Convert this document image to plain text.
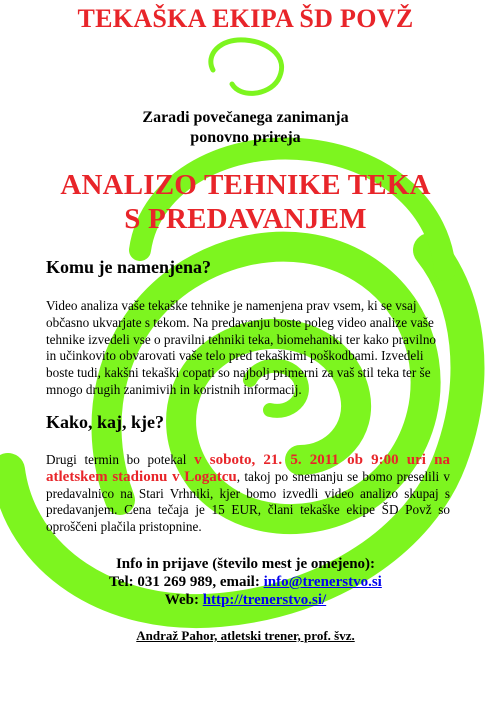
TEKAŠKA EKIPA ŠD POVŽ
Zaradi povečanega zanimanja
ponovno prireja
ANALIZO TEHNIKE TEKA
S PREDAVANJEM
Komu je namenjena?
Video analiza vaše tekaške tehnike je namenjena prav vsem, ki se vsaj
občasno ukvarjate s tekom. Na predavanju boste poleg video analize vaše
tehnike izvedeli vse o pravilni tehniki teka, biomehaniki ter kako pravilno
in učinkovito obvarovati vaše telo pred tekaškimi poškodbami. Izvedeli
boste tudi, kakšni tekaški copati so najbolj primerni za vaš stil teka ter še
mnogo drugih zanimivih in koristnih informacij.
Kako, kaj, kje?
Drugi termin bo potekal v soboto, 21. 5. 2011 ob 9:00 uri na atletskem stadionu v Logatcu, takoj po snemanju se bomo preselili v predavalnico na Stari Vrhniki, kjer bomo izvedli video analizo skupaj s predavanjem. Cena tečaja je 15 EUR, člani tekaške ekipe ŠD Povž so oproščeni plačila pristopnine.
Info in prijave (število mest je omejeno):
Tel: 031 269 989, email: info@trenerstvo.si
Web: http://trenerstvo.si/
Andraž Pahor, atletski trener, prof. švz.
